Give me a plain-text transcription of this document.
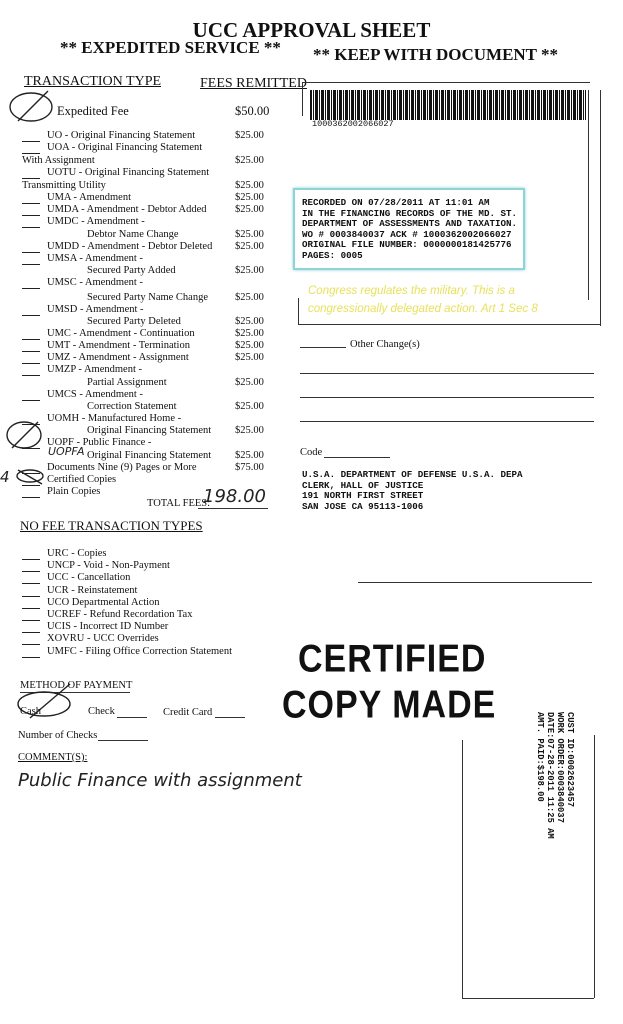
UCC APPROVAL SHEET
** EXPEDITED SERVICE ** ** KEEP WITH DOCUMENT **
TRANSACTION TYPE	FEES REMITTED
Expedited Fee	$50.00
UO - Original Financing Statement	$25.00
UOA - Original Financing Statement
With Assignment	$25.00
UOTU - Original Financing Statement
Transmitting Utility	$25.00
UMA - Amendment	$25.00
UMDA - Amendment - Debtor Added	$25.00
UMDC - Amendment -
Debtor Name Change	$25.00
UMDD - Amendment - Debtor Deleted	$25.00
UMSA - Amendment -
Secured Party Added	$25.00
UMSC - Amendment -
Secured Party Name Change	$25.00
UMSD - Amendment -
Secured Party Deleted	$25.00
UMC - Amendment - Continuation	$25.00
UMT - Amendment - Termination	$25.00
UMZ - Amendment - Assignment	$25.00
UMZP - Amendment -
Partial Assignment	$25.00
UMCS - Amendment -
Correction Statement	$25.00
UOMH - Manufactured Home -
Original Financing Statement	$25.00
UOPF - Public Finance -
Original Financing Statement	$25.00
Documents Nine (9) Pages or More	$75.00
Certified Copies
Plain Copies
UOPFA
4
TOTAL FEES:
198.00
NO FEE TRANSACTION TYPES
URC - Copies
UNCP - Void - Non-Payment
UCC - Cancellation
UCR - Reinstatement
UCO Departmental Action
UCREF - Refund Recordation Tax
UCIS - Incorrect ID Number
XOVRU - UCC Overrides
UMFC - Filing Office Correction Statement
METHOD OF PAYMENT
Cash	Check	Credit Card
Number of Checks
COMMENT(S):
Public Finance with assignment
1000362002066027
RECORDED ON 07/28/2011 AT 11:01 AM
IN THE FINANCING RECORDS OF THE MD. ST.
DEPARTMENT OF ASSESSMENTS AND TAXATION.
WO # 0003840037 ACK # 1000362002066027
ORIGINAL FILE NUMBER: 0000000181425776
PAGES: 0005
Congress regulates the military. This is a
congressionally delegated action. Art 1 Sec 8
Other Change(s)
Code
U.S.A. DEPARTMENT OF DEFENSE U.S.A. DEPA
CLERK, HALL OF JUSTICE
191 NORTH FIRST STREET
SAN JOSE CA 95113-1006
CERTIFIED
COPY MADE
CUST ID:0002623457
WORK ORDER:0003840037
DATE:07-28-2011 11:25 AM
AMT. PAID:$198.00
